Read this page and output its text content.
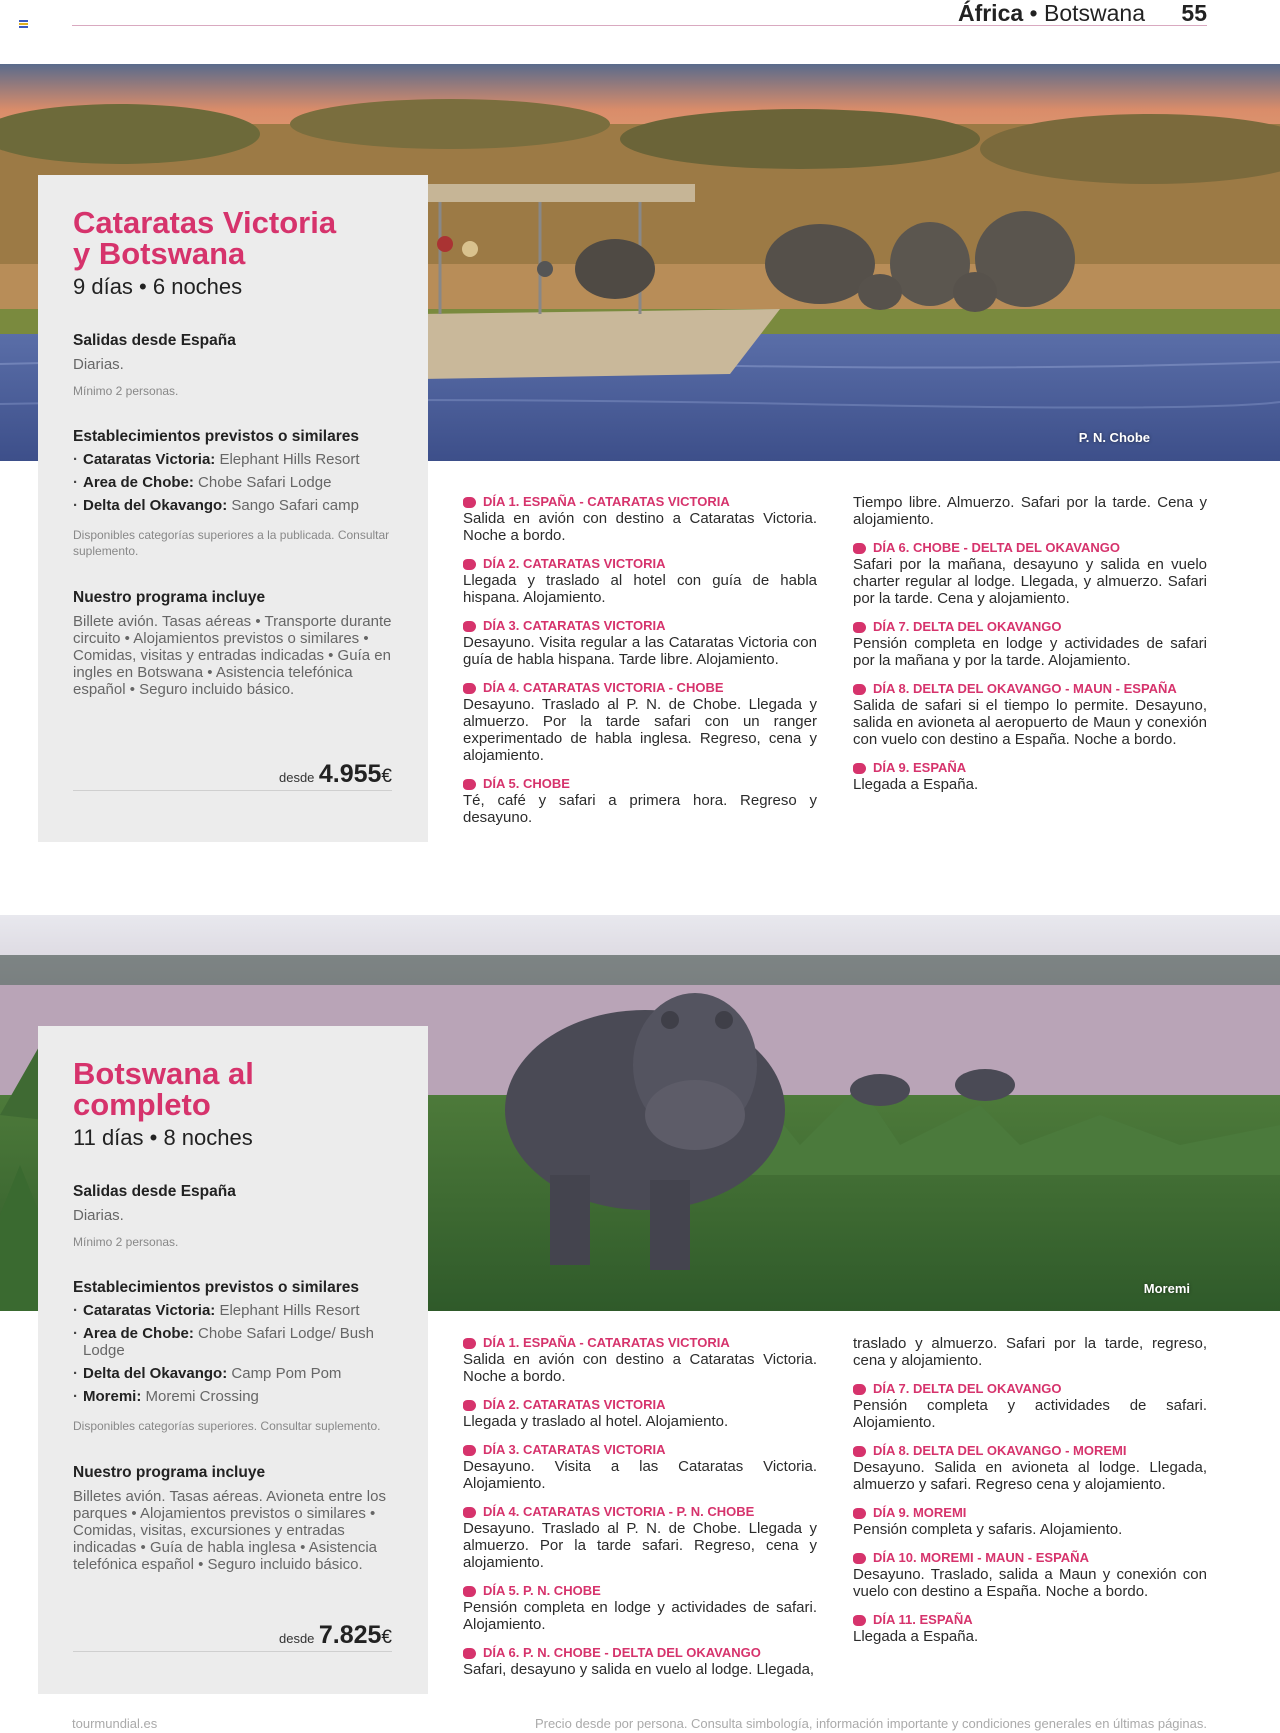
África • Botswana 55
P. N. Chobe
Cataratas Victoria
y Botswana
9 días • 6 noches
Salidas desde España
Diarias.
Mínimo 2 personas.
Establecimientos previstos o similares
· Cataratas Victoria: Elephant Hills Resort
· Area de Chobe: Chobe Safari Lodge
· Delta del Okavango: Sango Safari camp
Disponibles categorías superiores a la publicada. Consultar suplemento.
Nuestro programa incluye
Billete avión. Tasas aéreas • Transporte durante circuito • Alojamientos previstos o similares • Comidas, visitas y entradas indicadas • Guía en ingles en Botswana • Asistencia telefónica español • Seguro incluido básico.
desde 4.955€
DÍA 1. ESPAÑA - CATARATAS VICTORIA
Salida en avión con destino a Cataratas Victoria. Noche a bordo.
DÍA 2. CATARATAS VICTORIA
Llegada y traslado al hotel con guía de habla hispana. Alojamiento.
DÍA 3. CATARATAS VICTORIA
Desayuno. Visita regular a las Cataratas Victoria con guía de habla hispana. Tarde libre. Alojamiento.
DÍA 4. CATARATAS VICTORIA - CHOBE
Desayuno. Traslado al P. N. de Chobe. Llegada y almuerzo. Por la tarde safari con un ranger experimentado de habla inglesa. Regreso, cena y alojamiento.
DÍA 5. CHOBE
Té, café y safari a primera hora. Regreso y desayuno.
Tiempo libre. Almuerzo. Safari por la tarde. Cena y alojamiento.
DÍA 6. CHOBE - DELTA DEL OKAVANGO
Safari por la mañana, desayuno y salida en vuelo charter regular al lodge. Llegada, y almuerzo. Safari por la tarde. Cena y alojamiento.
DÍA 7. DELTA DEL OKAVANGO
Pensión completa en lodge y actividades de safari por la mañana y por la tarde. Alojamiento.
DÍA 8. DELTA DEL OKAVANGO - MAUN - ESPAÑA
Salida de safari si el tiempo lo permite. Desayuno, salida en avioneta al aeropuerto de Maun y conexión con vuelo con destino a España. Noche a bordo.
DÍA 9. ESPAÑA
Llegada a España.
Moremi
Botswana al completo
11 días • 8 noches
Salidas desde España
Diarias.
Mínimo 2 personas.
Establecimientos previstos o similares
· Cataratas Victoria: Elephant Hills Resort
· Area de Chobe: Chobe Safari Lodge/ Bush Lodge
· Delta del Okavango: Camp Pom Pom
· Moremi: Moremi Crossing
Disponibles categorías superiores. Consultar suplemento.
Nuestro programa incluye
Billetes avión. Tasas aéreas. Avioneta entre los parques • Alojamientos previstos o similares • Comidas, visitas, excursiones y entradas indicadas • Guía de habla inglesa • Asistencia telefónica español • Seguro incluido básico.
desde 7.825€
DÍA 1. ESPAÑA - CATARATAS VICTORIA
Salida en avión con destino a Cataratas Victoria. Noche a bordo.
DÍA 2. CATARATAS VICTORIA
Llegada y traslado al hotel. Alojamiento.
DÍA 3. CATARATAS VICTORIA
Desayuno. Visita a las Cataratas Victoria. Alojamiento.
DÍA 4. CATARATAS VICTORIA - P. N. CHOBE
Desayuno. Traslado al P. N. de Chobe. Llegada y almuerzo. Por la tarde safari. Regreso, cena y alojamiento.
DÍA 5. P. N. CHOBE
Pensión completa en lodge y actividades de safari. Alojamiento.
DÍA 6. P. N. CHOBE - DELTA DEL OKAVANGO
Safari, desayuno y salida en vuelo al lodge. Llegada,
traslado y almuerzo. Safari por la tarde, regreso, cena y alojamiento.
DÍA 7. DELTA DEL OKAVANGO
Pensión completa y actividades de safari. Alojamiento.
DÍA 8. DELTA DEL OKAVANGO - MOREMI
Desayuno. Salida en avioneta al lodge. Llegada, almuerzo y safari. Regreso cena y alojamiento.
DÍA 9. MOREMI
Pensión completa y safaris. Alojamiento.
DÍA 10. MOREMI - MAUN - ESPAÑA
Desayuno. Traslado, salida a Maun y conexión con vuelo con destino a España. Noche a bordo.
DÍA 11. ESPAÑA
Llegada a España.
tourmundial.es	Precio desde por persona. Consulta simbología, información importante y condiciones generales en últimas páginas.
